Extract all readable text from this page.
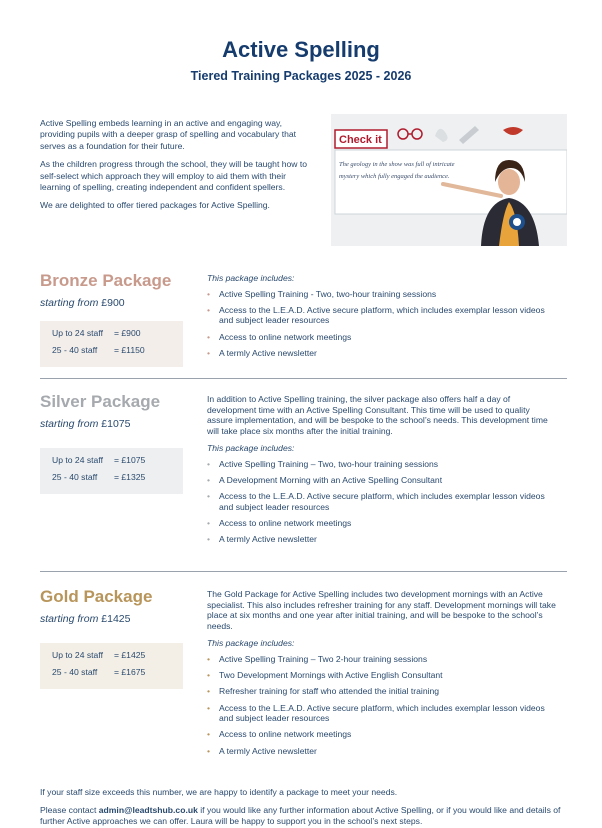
Active Spelling
Tiered Training Packages 2025 - 2026

Active Spelling embeds learning in an active and engaging way, providing pupils with a deeper grasp of spelling and vocabulary that serves as a foundation for their future.

As the children progress through the school, they will be taught how to self-select which approach they will employ to aid them with their learning of spelling, creating independent and confident spellers.

We are delighted to offer tiered packages for Active Spelling.

Check it
The geology in the show was full of intricate
mystery which fully engaged the audience.
Bronze Package
starting from £900
Up to 24 staff	= £900
25 - 40 staff	= £1150

This package includes:

• Active Spelling Training - Two, two-hour training sessions
• Access to the L.E.A.D. Active secure platform, which includes exemplar lesson videos and subject leader resources
• Access to online network meetings
• A termly Active newsletter
Silver Package
starting from £1075
Up to 24 staff	= £1075
25 - 40 staff	= £1325

In addition to Active Spelling training, the silver package also offers half a day of development time with an Active Spelling Consultant. This time will be used to quality assure implementation, and will be bespoke to the school’s needs. This development time will take place six months after the initial training.

This package includes:

• Active Spelling Training – Two, two-hour training sessions
• A Development Morning with an Active Spelling Consultant
• Access to the L.E.A.D. Active secure platform, which includes exemplar lesson videos and subject leader resources
• Access to online network meetings
• A termly Active newsletter
Gold Package
starting from £1425
Up to 24 staff	= £1425
25 - 40 staff	= £1675

The Gold Package for Active Spelling includes two development mornings with an Active specialist. This also includes refresher training for any staff. Development mornings will take place at six months and one year after initial training, and will be bespoke to the school’s needs.

This package includes:

• Active Spelling Training – Two 2-hour training sessions
• Two Development Mornings with Active English Consultant
• Refresher training for staff who attended the initial training
• Access to the L.E.A.D. Active secure platform, which includes exemplar lesson videos and subject leader resources
• Access to online network meetings
• A termly Active newsletter

If your staff size exceeds this number, we are happy to identify a package to meet your needs.

Please contact admin@leadtshub.co.uk if you would like any further information about Active Spelling, or if you would like and details of further Active approaches we can offer. Laura will be happy to support you in the school’s next steps.
